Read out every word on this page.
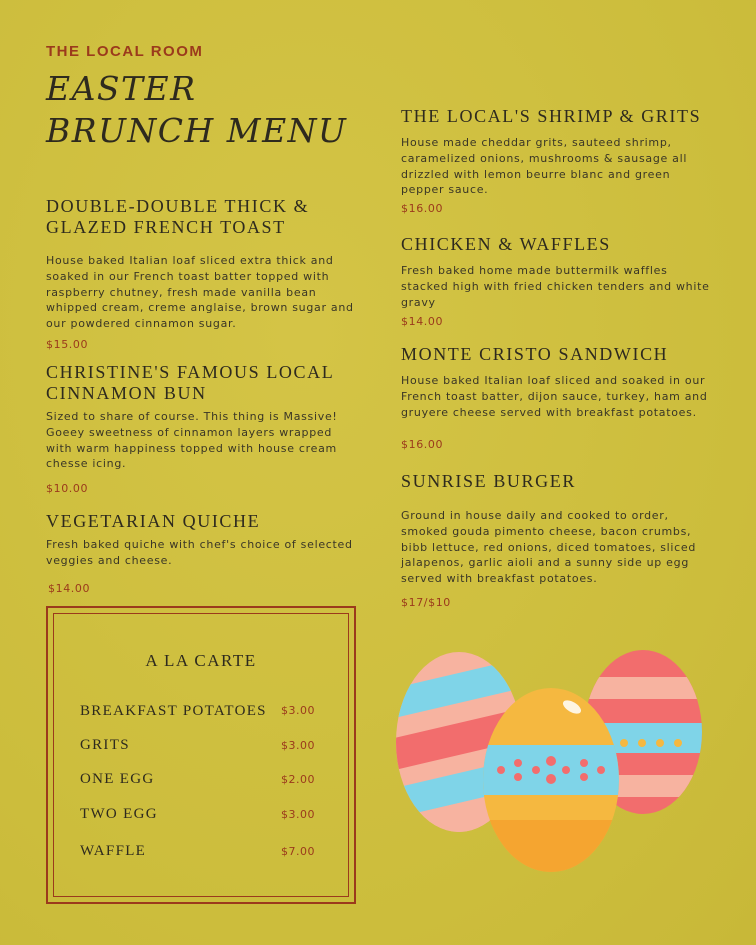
THE LOCAL ROOM
EASTER
BRUNCH MENU
DOUBLE-DOUBLE THICK &
GLAZED FRENCH TOAST
House baked Italian loaf sliced extra thick and
soaked in our French toast batter topped with
raspberry chutney, fresh made vanilla bean
whipped cream, creme anglaise, brown sugar and
our powdered cinnamon sugar.
$15.00
CHRISTINE'S FAMOUS LOCAL
CINNAMON BUN
Sized to share of course. This thing is Massive!
Goeey sweetness of cinnamon layers wrapped
with warm happiness topped with house cream
chesse icing.
$10.00
VEGETARIAN QUICHE
Fresh baked quiche with chef's choice of selected
veggies and cheese.
$14.00
THE LOCAL'S SHRIMP & GRITS
House made cheddar grits, sauteed shrimp,
caramelized onions, mushrooms & sausage all
drizzled with lemon beurre blanc and green
pepper sauce.
$16.00
CHICKEN & WAFFLES
Fresh baked home made buttermilk waffles
stacked high with fried chicken tenders and white
gravy
$14.00
MONTE CRISTO SANDWICH
House baked Italian loaf sliced and soaked in our
French toast batter, dijon sauce, turkey, ham and
gruyere cheese served with breakfast potatoes.
$16.00
SUNRISE BURGER
Ground in house daily and cooked to order,
smoked gouda pimento cheese, bacon crumbs,
bibb lettuce, red onions, diced tomatoes, sliced
jalapenos, garlic aioli and a sunny side up egg
served with breakfast potatoes.
$17/$10
A LA CARTE
BREAKFAST POTATOES $3.00
GRITS	$3.00
ONE EGG	$2.00
TWO EGG	$3.00
WAFFLE	$7.00
